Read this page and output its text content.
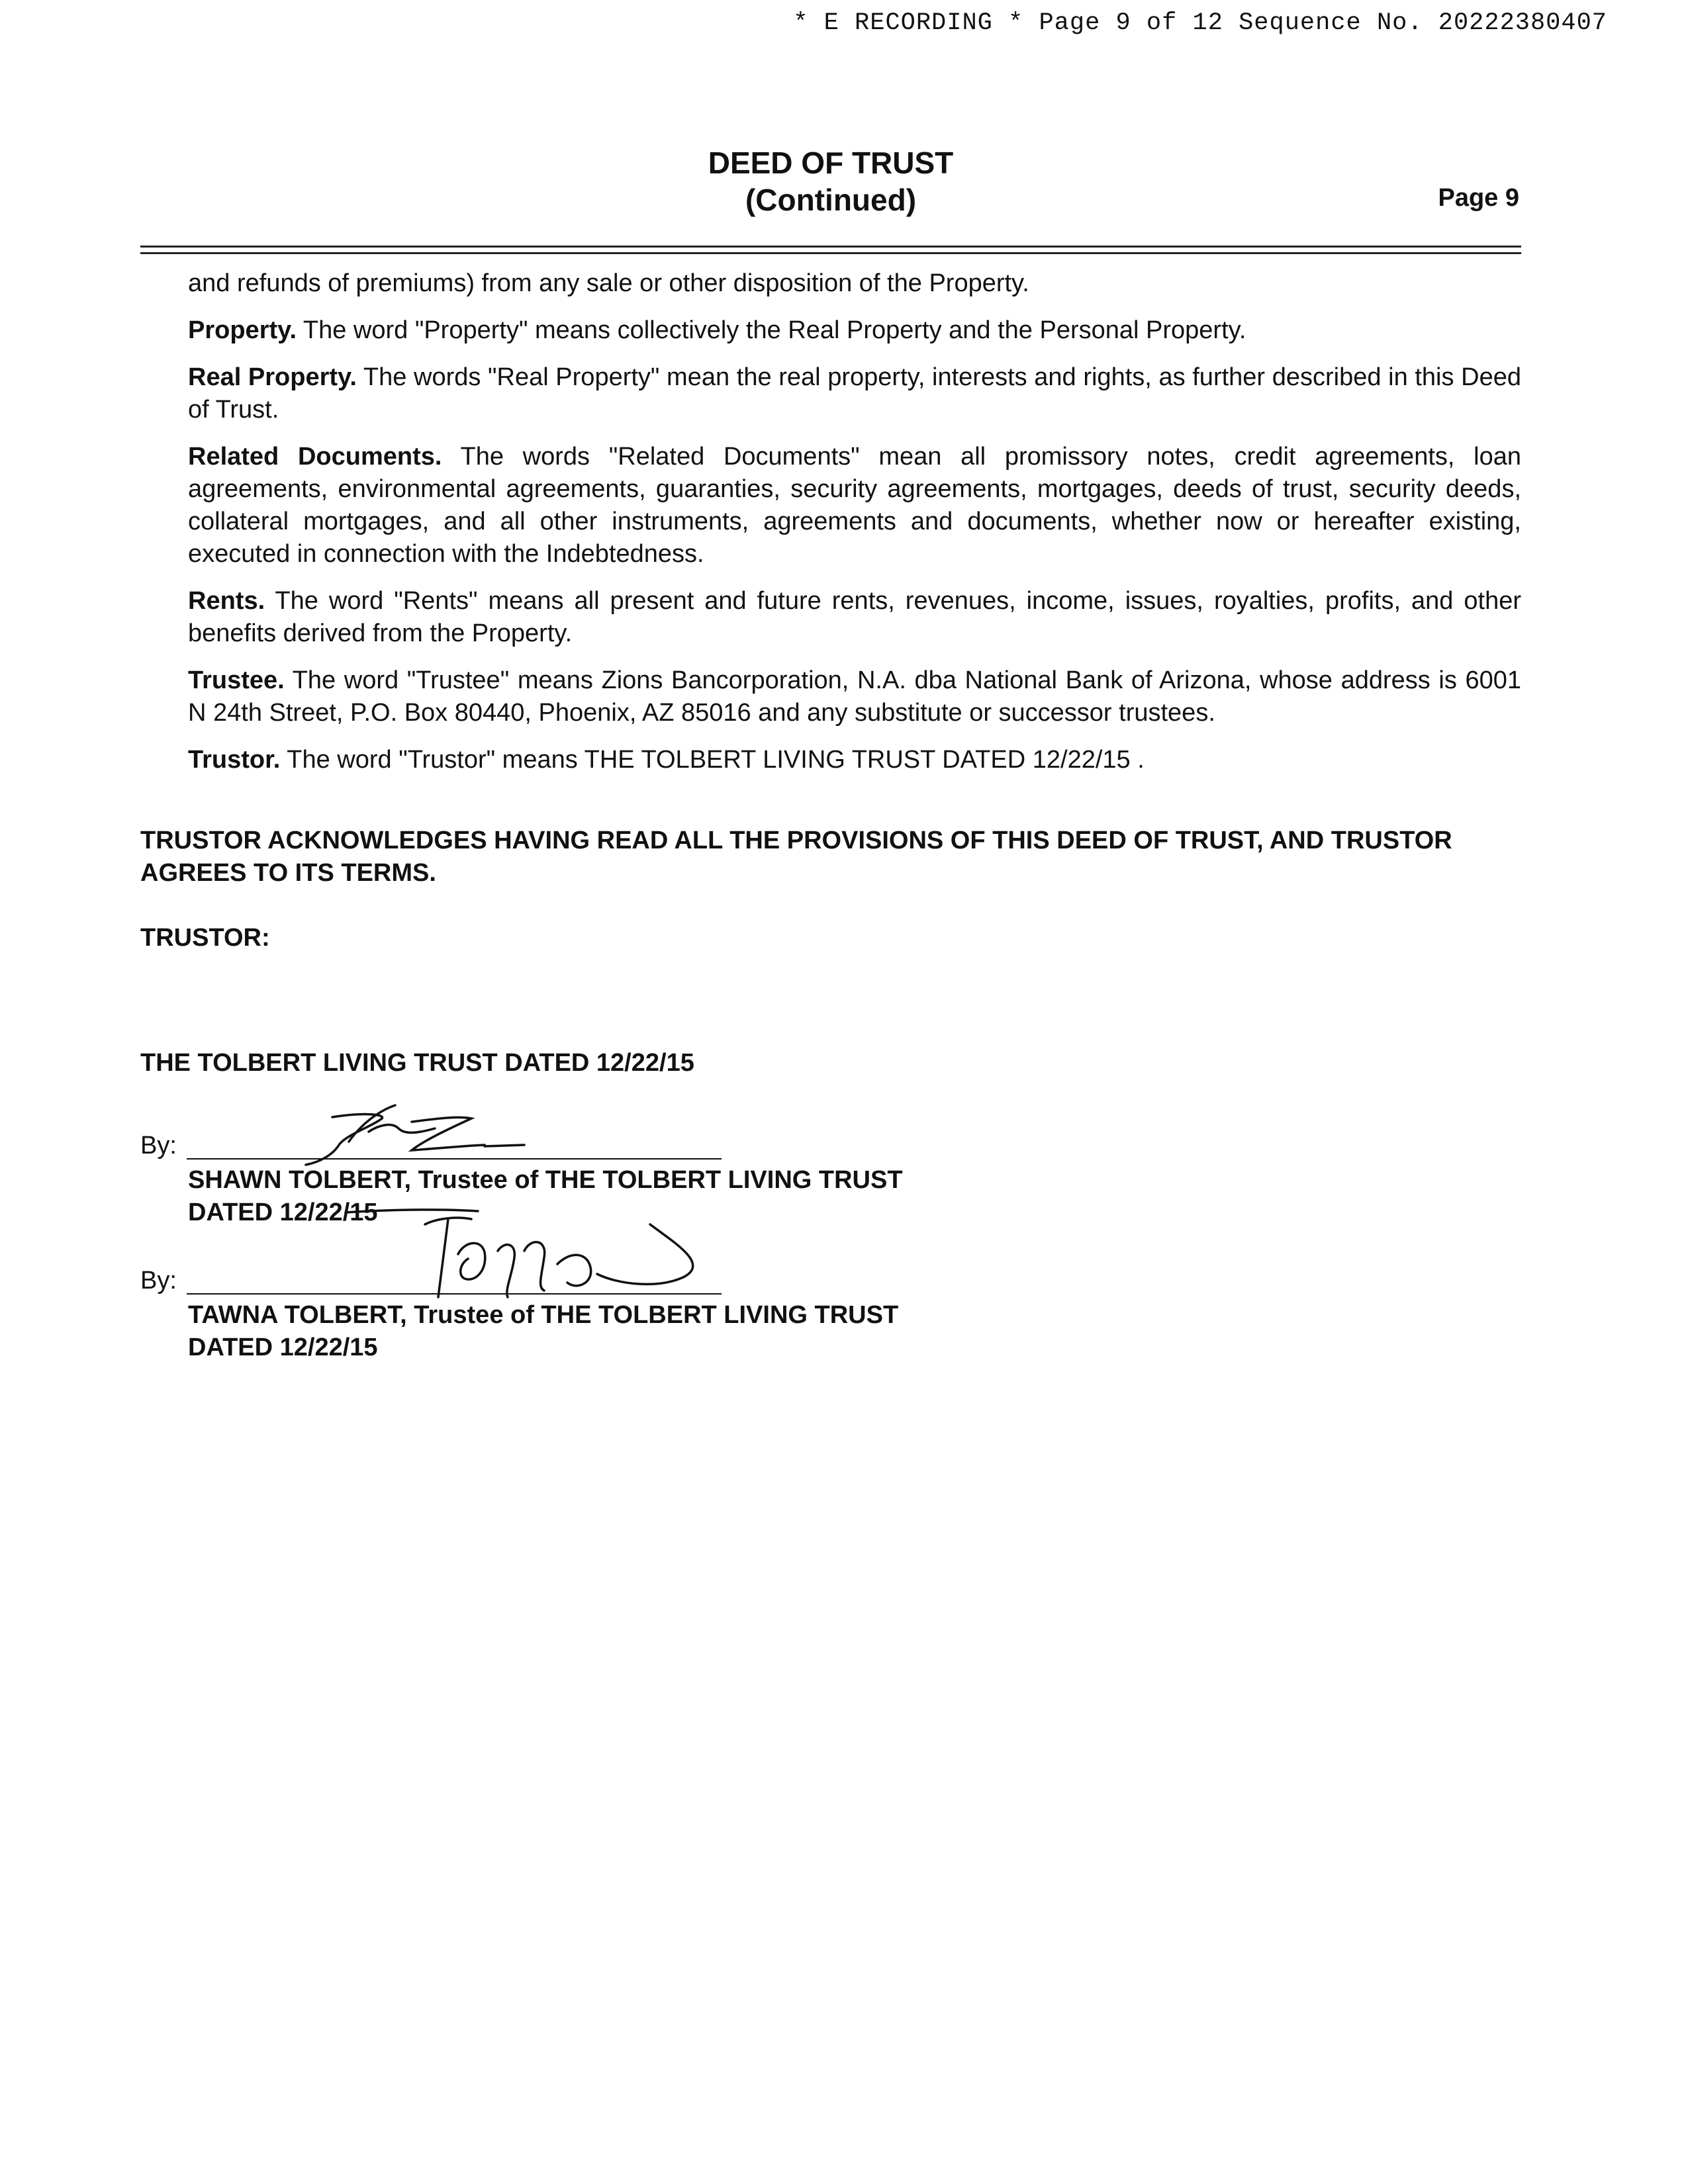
* E RECORDING * Page 9 of 12 Sequence No. 20222380407
DEED OF TRUST
(Continued)	Page 9

and refunds of premiums) from any sale or other disposition of the Property.

Property. The word "Property" means collectively the Real Property and the Personal Property.

Real Property. The words "Real Property" mean the real property, interests and rights, as further described in this Deed of Trust.

Related Documents. The words "Related Documents" mean all promissory notes, credit agreements, loan agreements, environmental agreements, guaranties, security agreements, mortgages, deeds of trust, security deeds, collateral mortgages, and all other instruments, agreements and documents, whether now or hereafter existing, executed in connection with the Indebtedness.

Rents. The word "Rents" means all present and future rents, revenues, income, issues, royalties, profits, and other benefits derived from the Property.

Trustee. The word "Trustee" means Zions Bancorporation, N.A. dba National Bank of Arizona, whose address is 6001 N 24th Street, P.O. Box 80440, Phoenix, AZ 85016 and any substitute or successor trustees.

Trustor. The word "Trustor" means THE TOLBERT LIVING TRUST DATED 12/22/15 .

TRUSTOR ACKNOWLEDGES HAVING READ ALL THE PROVISIONS OF THIS DEED OF TRUST, AND TRUSTOR AGREES TO ITS TERMS.
TRUSTOR:
THE TOLBERT LIVING TRUST DATED 12/22/15
By:
SHAWN TOLBERT, Trustee of THE TOLBERT LIVING TRUST
DATED 12/22/15
By:
TAWNA TOLBERT, Trustee of THE TOLBERT LIVING TRUST
DATED 12/22/15
